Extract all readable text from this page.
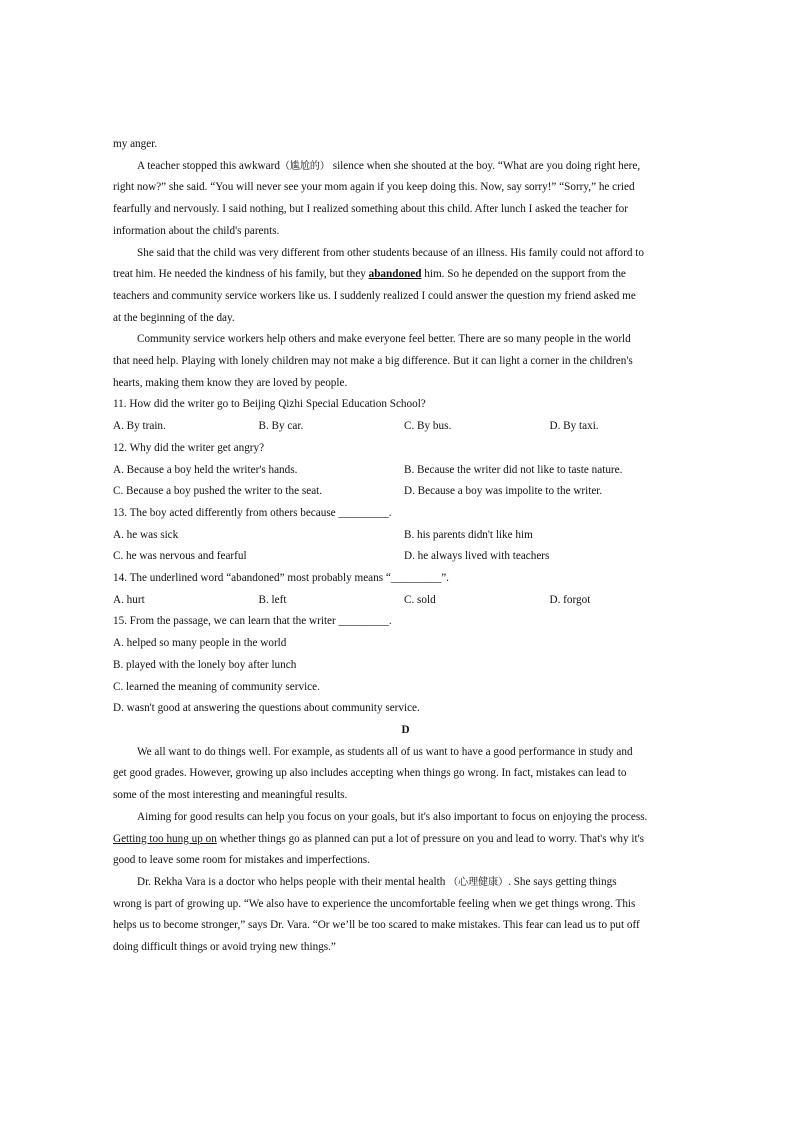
my anger.

A teacher stopped this awkward（尴尬的） silence when she shouted at the boy. “What are you doing right here,
right now?” she said. “You will never see your mom again if you keep doing this. Now, say sorry!” “Sorry,” he cried
fearfully and nervously. I said nothing, but I realized something about this child. After lunch I asked the teacher for
information about the child's parents.

She said that the child was very different from other students because of an illness. His family could not afford to
treat him. He needed the kindness of his family, but they abandoned him. So he depended on the support from the
teachers and community service workers like us. I suddenly realized I could answer the question my friend asked me
at the beginning of the day.

Community service workers help others and make everyone feel better. There are so many people in the world
that need help. Playing with lonely children may not make a big difference. But it can light a corner in the children's
hearts, making them know they are loved by people.

11. How did the writer go to Beijing Qizhi Special Education School?

A. By train.	B. By car.	C. By bus.	D. By taxi.

12. Why did the writer get angry?

A. Because a boy held the writer's hands.	B. Because the writer did not like to taste nature.
C. Because a boy pushed the writer to the seat.	D. Because a boy was impolite to the writer.

13. The boy acted differently from others because _________.

A. he was sick	B. his parents didn't like him
C. he was nervous and fearful	D. he always lived with teachers

14. The underlined word “abandoned” most probably means “_________”.

A. hurt	B. left	C. sold	D. forgot

15. From the passage, we can learn that the writer _________.

A. helped so many people in the world

B. played with the lonely boy after lunch

C. learned the meaning of community service.

D. wasn't good at answering the questions about community service.

D

We all want to do things well. For example, as students all of us want to have a good performance in study and
get good grades. However, growing up also includes accepting when things go wrong. In fact, mistakes can lead to
some of the most interesting and meaningful results.

Aiming for good results can help you focus on your goals, but it's also important to focus on enjoying the process.
Getting too hung up on whether things go as planned can put a lot of pressure on you and lead to worry. That's why it's
good to leave some room for mistakes and imperfections.

Dr. Rekha Vara is a doctor who helps people with their mental health （心理健康）. She says getting things
wrong is part of growing up. “We also have to experience the uncomfortable feeling when we get things wrong. This
helps us to become stronger,” says Dr. Vara. “Or we’ll be too scared to make mistakes. This fear can lead us to put off
doing difficult things or avoid trying new things.”
